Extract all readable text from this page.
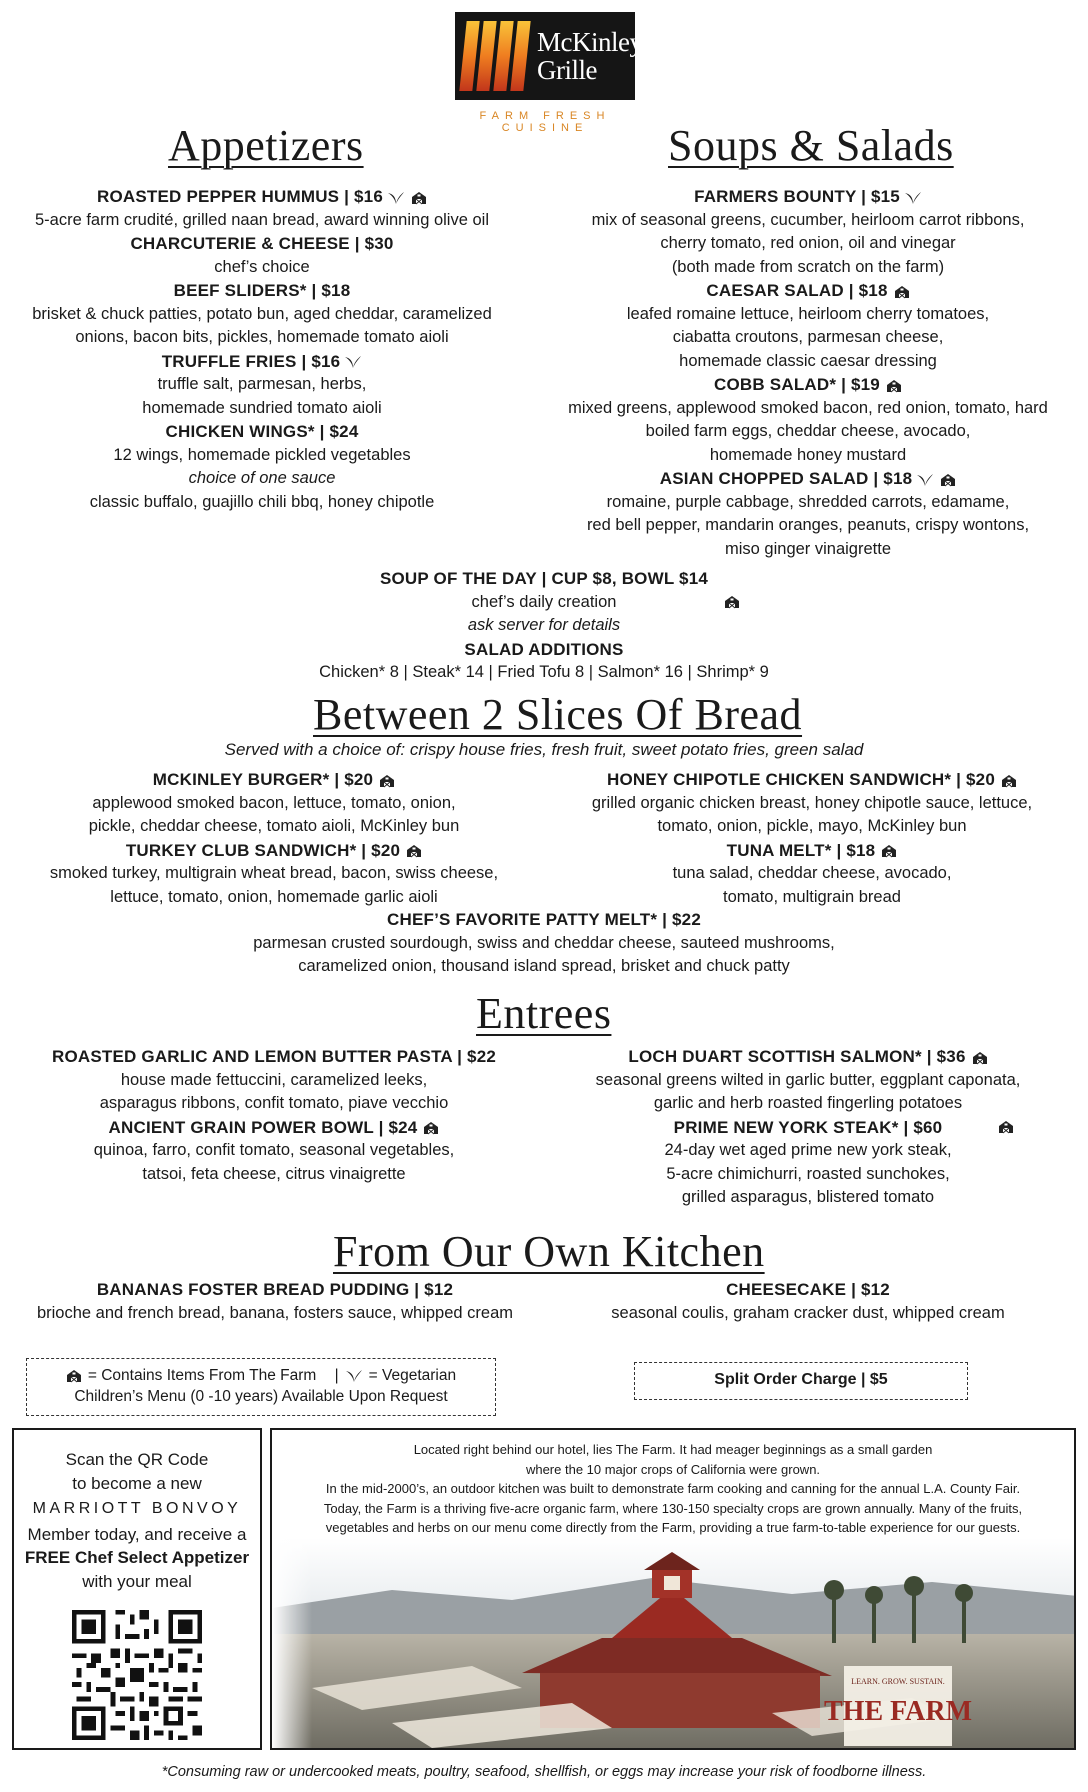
McKinley's
Grille
FARM FRESH CUISINE
Appetizers
ROASTED PEPPER HUMMUS | $16
5-acre farm crudité, grilled naan bread, award winning olive oil
CHARCUTERIE & CHEESE | $30
chef’s choice
BEEF SLIDERS* | $18
brisket & chuck patties, potato bun, aged cheddar, caramelized
onions, bacon bits, pickles, homemade tomato aioli
TRUFFLE FRIES | $16
truffle salt, parmesan, herbs,
homemade sundried tomato aioli
CHICKEN WINGS* | $24
12 wings, homemade pickled vegetables
choice of one sauce
classic buffalo, guajillo chili bbq, honey chipotle
Soups & Salads
FARMERS BOUNTY | $15
mix of seasonal greens, cucumber, heirloom carrot ribbons,
cherry tomato, red onion, oil and vinegar
(both made from scratch on the farm)
CAESAR SALAD | $18
leafed romaine lettuce, heirloom cherry tomatoes,
ciabatta croutons, parmesan cheese,
homemade classic caesar dressing
COBB SALAD* | $19
mixed greens, applewood smoked bacon, red onion, tomato, hard
boiled farm eggs, cheddar cheese, avocado,
homemade honey mustard
ASIAN CHOPPED SALAD | $18
romaine, purple cabbage, shredded carrots, edamame,
red bell pepper, mandarin oranges, peanuts, crispy wontons,
miso ginger vinaigrette
SOUP OF THE DAY | CUP $8, BOWL $14
chef’s daily creation
ask server for details
SALAD ADDITIONS
Chicken* 8 | Steak* 14 | Fried Tofu 8 | Salmon* 16 | Shrimp* 9
Between 2 Slices Of Bread
Served with a choice of: crispy house fries, fresh fruit, sweet potato fries, green salad
MCKINLEY BURGER* | $20
applewood smoked bacon, lettuce, tomato, onion,
pickle, cheddar cheese, tomato aioli, McKinley bun
TURKEY CLUB SANDWICH* | $20
smoked turkey, multigrain wheat bread, bacon, swiss cheese,
lettuce, tomato, onion, homemade garlic aioli
HONEY CHIPOTLE CHICKEN SANDWICH* | $20
grilled organic chicken breast, honey chipotle sauce, lettuce,
tomato, onion, pickle, mayo, McKinley bun
TUNA MELT* | $18
tuna salad, cheddar cheese, avocado,
tomato, multigrain bread
CHEF’S FAVORITE PATTY MELT* | $22
parmesan crusted sourdough, swiss and cheddar cheese, sauteed mushrooms,
caramelized onion, thousand island spread, brisket and chuck patty
Entrees
ROASTED GARLIC AND LEMON BUTTER PASTA | $22
house made fettuccini, caramelized leeks,
asparagus ribbons, confit tomato, piave vecchio
ANCIENT GRAIN POWER BOWL | $24
quinoa, farro, confit tomato, seasonal vegetables,
tatsoi, feta cheese, citrus vinaigrette
LOCH DUART SCOTTISH SALMON* | $36
seasonal greens wilted in garlic butter, eggplant caponata,
garlic and herb roasted fingerling potatoes
PRIME NEW YORK STEAK* | $60
24-day wet aged prime new york steak,
5-acre chimichurri, roasted sunchokes,
grilled asparagus, blistered tomato
From Our Own Kitchen
BANANAS FOSTER BREAD PUDDING | $12
brioche and french bread, banana, fosters sauce, whipped cream
CHEESECAKE | $12
seasonal coulis, graham cracker dust, whipped cream
= Contains Items From The Farm | = Vegetarian
Children’s Menu (0 -10 years) Available Upon Request
Split Order Charge | $5
Scan the QR Code
to become a new
MARRIOTT BONVOY
Member today, and receive a
FREE Chef Select Appetizer
with your meal
Located right behind our hotel, lies The Farm. It had meager beginnings as a small garden
where the 10 major crops of California were grown.
In the mid-2000’s, an outdoor kitchen was built to demonstrate farm cooking and canning for the annual L.A. County Fair.
Today, the Farm is a thriving five-acre organic farm, where 130-150 specialty crops are grown annually. Many of the fruits,
vegetables and herbs on our menu come directly from the Farm, providing a true farm-to-table experience for our guests.
LEARN. GROW. SUSTAIN.
THE FARM
*Consuming raw or undercooked meats, poultry, seafood, shellfish, or eggs may increase your risk of foodborne illness.
